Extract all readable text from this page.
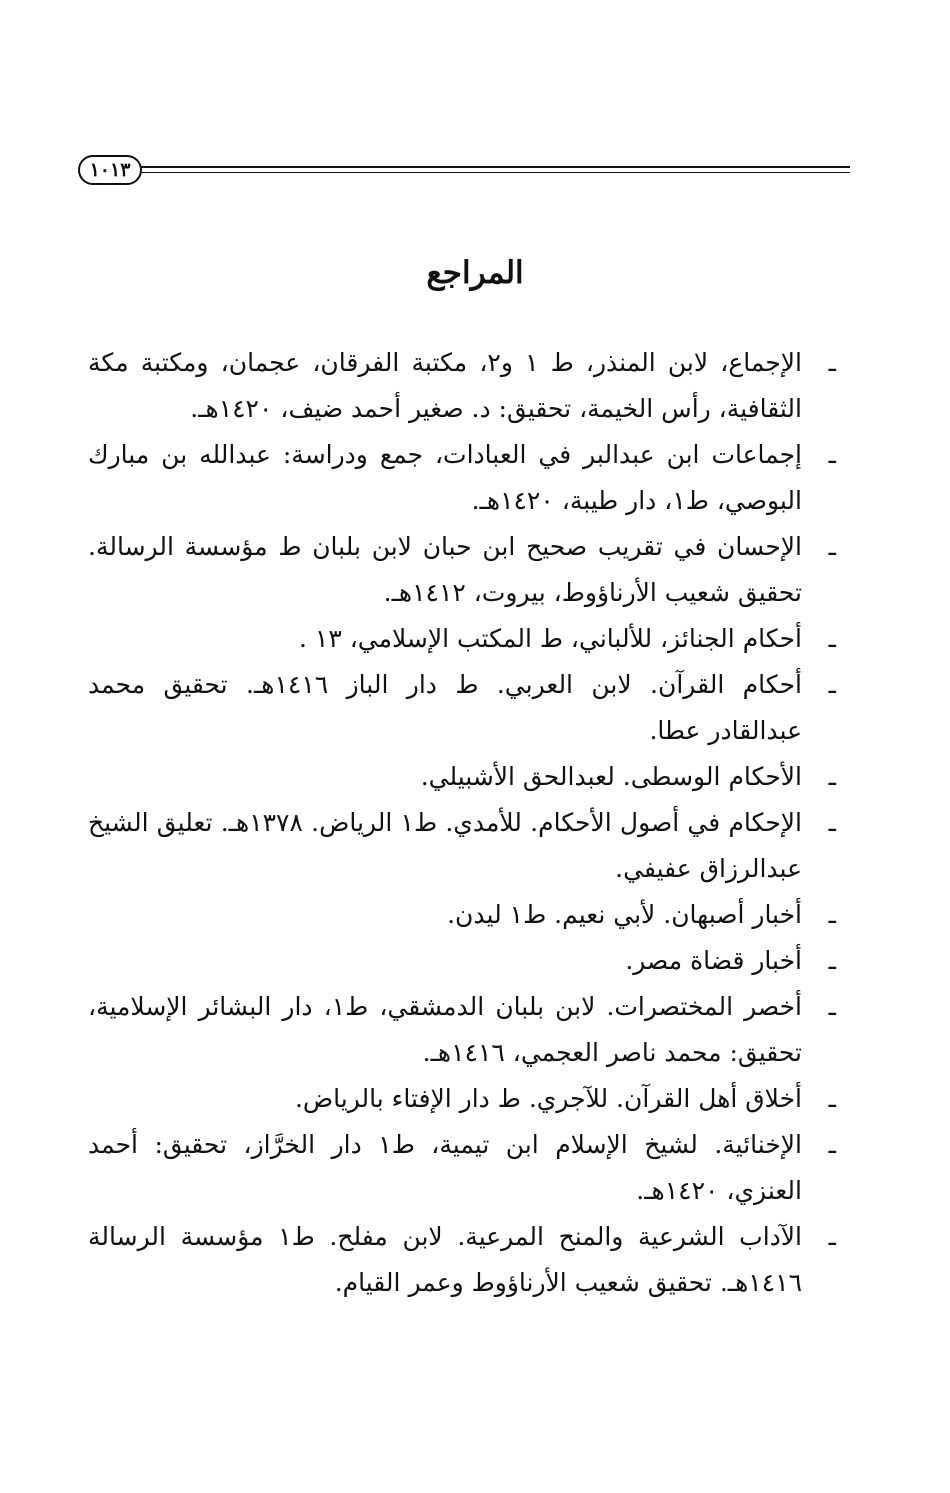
١٠١٣
المراجع
ـ
الإجماع، لابن المنذر، ط ١ و٢، مكتبة الفرقان، عجمان، ومكتبة مكة الثقافية، رأس الخيمة، تحقيق: د. صغير أحمد ضيف، ١٤٢٠هـ.
ـ
إجماعات ابن عبدالبر في العبادات، جمع ودراسة: عبدالله بن مبارك البوصي، ط١، دار طيبة، ١٤٢٠هـ.
ـ
الإحسان في تقريب صحيح ابن حبان لابن بلبان ط مؤسسة الرسالة. تحقيق شعيب الأرناؤوط، بيروت، ١٤١٢هـ.
ـ
أحكام الجنائز، للألباني، ط المكتب الإسلامي، ١٣ .
ـ
أحكام القرآن. لابن العربي. ط دار الباز ١٤١٦هـ. تحقيق محمد عبدالقادر عطا.
ـ
الأحكام الوسطى. لعبدالحق الأشبيلي.
ـ
الإحكام في أصول الأحكام. للأمدي. ط١ الرياض. ١٣٧٨هـ. تعليق الشيخ عبدالرزاق عفيفي.
ـ
أخبار أصبهان. لأبي نعيم. ط١ ليدن.
ـ
أخبار قضاة مصر.
ـ
أخصر المختصرات. لابن بلبان الدمشقي، ط١، دار البشائر الإسلامية، تحقيق: محمد ناصر العجمي، ١٤١٦هـ.
ـ
أخلاق أهل القرآن. للآجري. ط دار الإفتاء بالرياض.
ـ
الإخنائية. لشيخ الإسلام ابن تيمية، ط١ دار الخرَّاز، تحقيق: أحمد العنزي، ١٤٢٠هـ.
ـ
الآداب الشرعية والمنح المرعية. لابن مفلح. ط١ مؤسسة الرسالة ١٤١٦هـ. تحقيق شعيب الأرناؤوط وعمر القيام.
